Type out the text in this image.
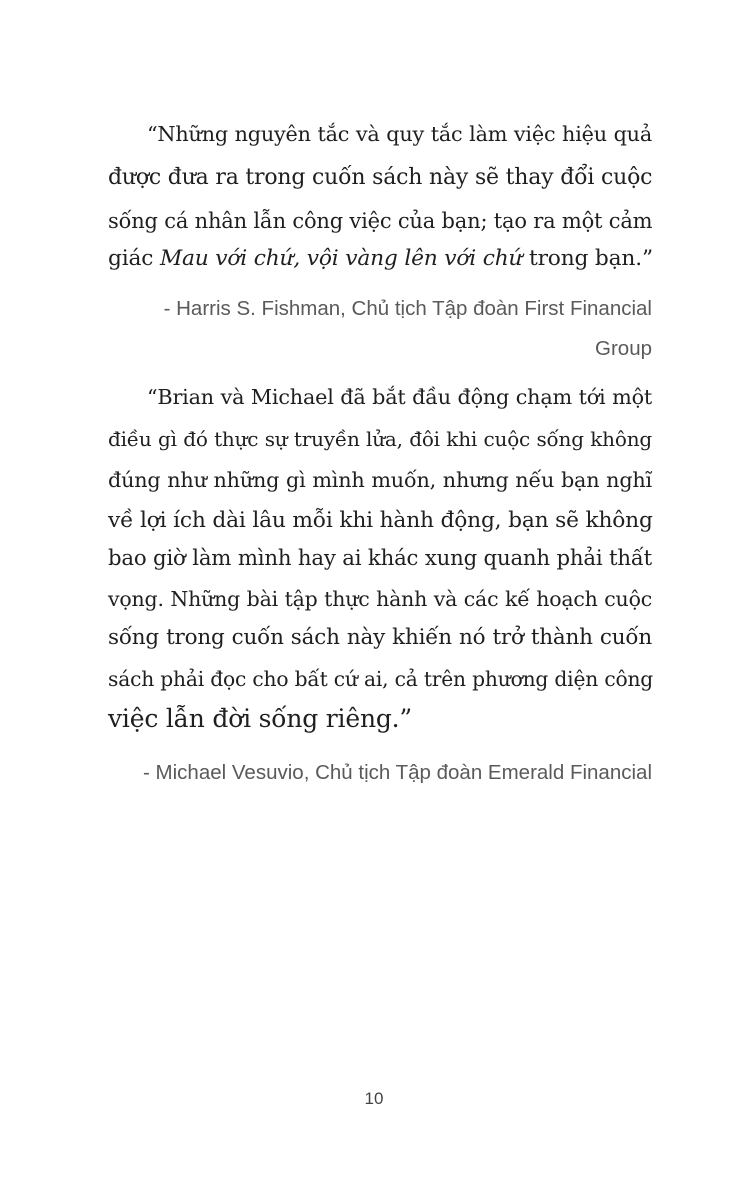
“Những nguyên tắc và quy tắc làm việc hiệu quả
được đưa ra trong cuốn sách này sẽ thay đổi cuộc
sống cá nhân lẫn công việc của bạn; tạo ra một cảm
giác Mau với chứ, vội vàng lên với chứ trong bạn.”
- Harris S. Fishman, Chủ tịch Tập đoàn First Financial
Group
“Brian và Michael đã bắt đầu động chạm tới một
điều gì đó thực sự truyền lửa, đôi khi cuộc sống không
đúng như những gì mình muốn, nhưng nếu bạn nghĩ
về lợi ích dài lâu mỗi khi hành động, bạn sẽ không
bao giờ làm mình hay ai khác xung quanh phải thất
vọng. Những bài tập thực hành và các kế hoạch cuộc
sống trong cuốn sách này khiến nó trở thành cuốn
sách phải đọc cho bất cứ ai, cả trên phương diện công
việc lẫn đời sống riêng.”
- Michael Vesuvio, Chủ tịch Tập đoàn Emerald Financial
10
